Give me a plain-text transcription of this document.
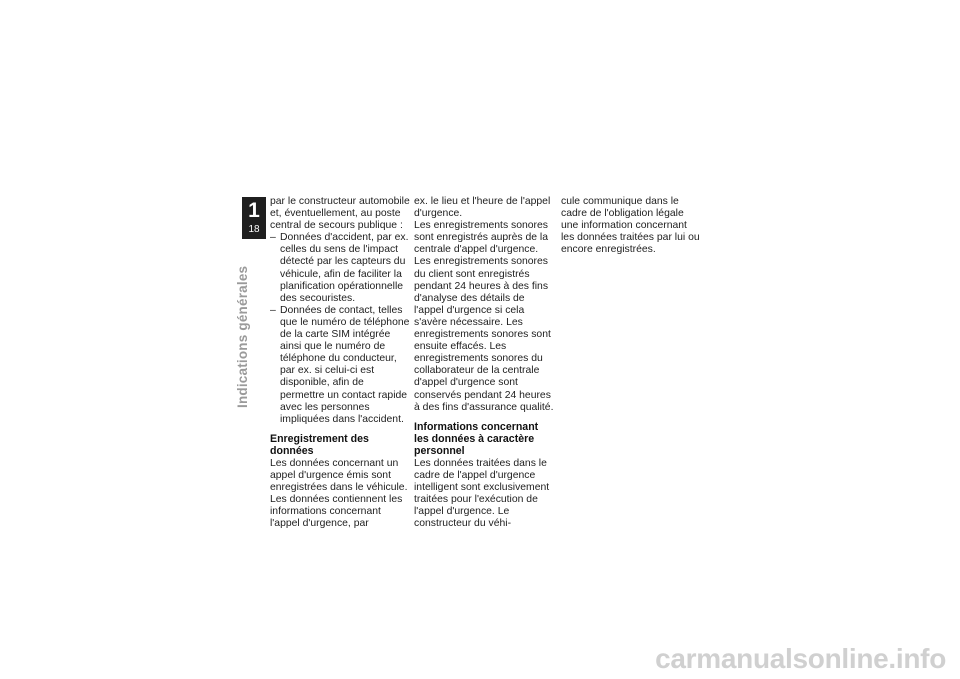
1
18
Indications générales

par le constructeur automobile et, éventuellement, au poste central de secours publique :

– Données d'accident, par ex. celles du sens de l'impact détecté par les capteurs du véhicule, afin de faciliter la planification opérationnelle des secouristes.
– Données de contact, telles que le numéro de téléphone de la carte SIM intégrée ainsi que le numéro de téléphone du conducteur, par ex. si celui-ci est disponible, afin de permettre un contact rapide avec les personnes impliquées dans l'accident.
Enregistrement des données

Les données concernant un appel d'urgence émis sont enregistrées dans le véhicule. Les données contiennent les informations concernant l'appel d'urgence, par

ex. le lieu et l'heure de l'appel d'urgence.

Les enregistrements sonores sont enregistrés auprès de la centrale d'appel d'urgence.

Les enregistrements sonores du client sont enregistrés pendant 24 heures à des fins d'analyse des détails de l'appel d'urgence si cela s'avère nécessaire. Les enregistrements sonores sont ensuite effacés. Les enregistrements sonores du collaborateur de la centrale d'appel d'urgence sont conservés pendant 24 heures à des fins d'assurance qualité.

Informations concernant les données à caractère personnel

Les données traitées dans le cadre de l'appel d'urgence intelligent sont exclusivement traitées pour l'exécution de l'appel d'urgence. Le constructeur du véhi-

cule communique dans le cadre de l'obligation légale une information concernant les données traitées par lui ou encore enregistrées.

carmanualsonline.info
